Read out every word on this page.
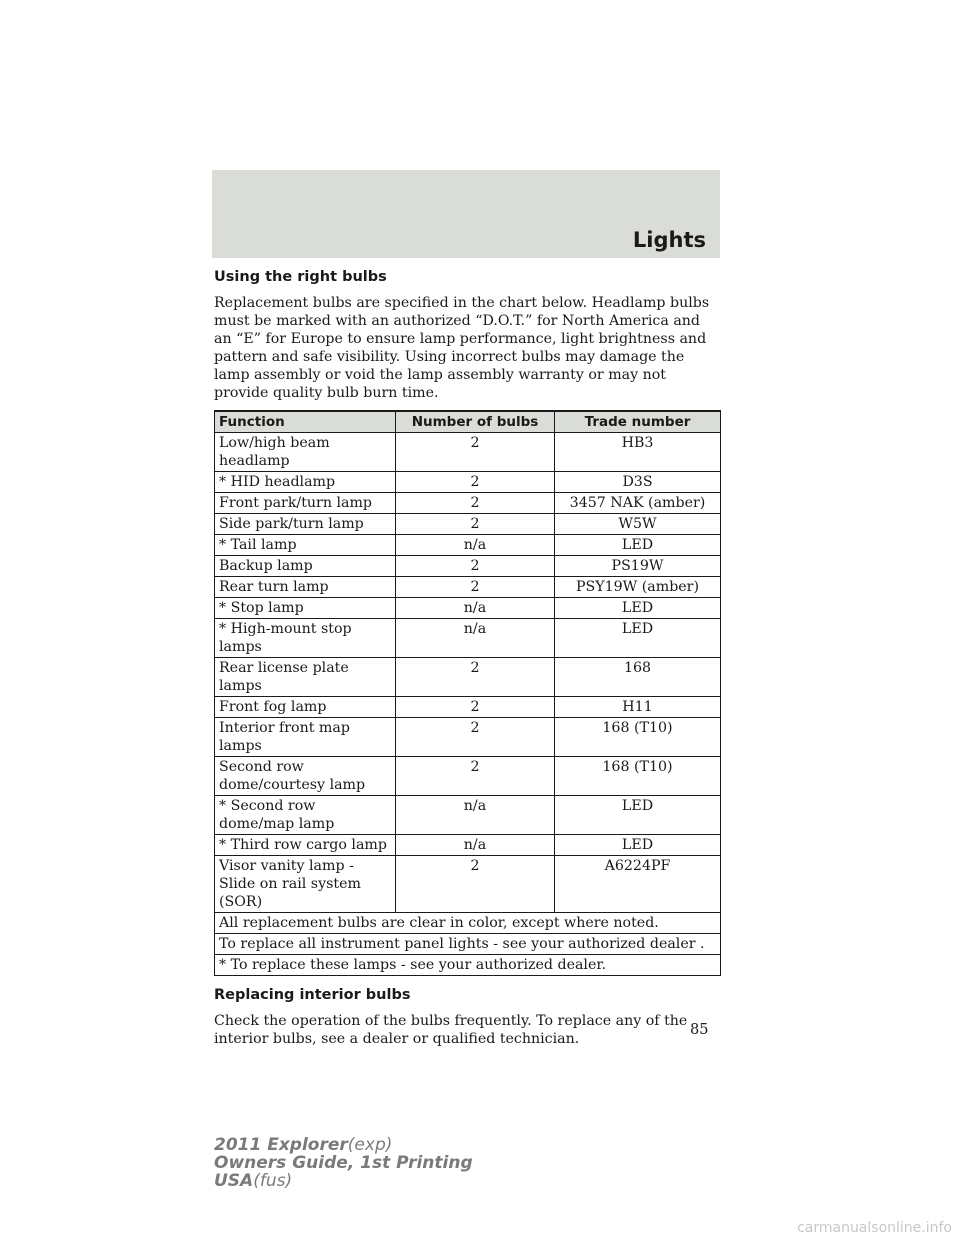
Lights
Using the right bulbs

Replacement bulbs are specified in the chart below. Headlamp bulbs must be marked with an authorized “D.O.T.” for North America and an “E” for Europe to ensure lamp performance, light brightness and pattern and safe visibility. Using incorrect bulbs may damage the lamp assembly or void the lamp assembly warranty or may not provide quality bulb burn time.

Function	Number of bulbs	Trade number
Low/high beam headlamp	2	HB3
* HID headlamp	2	D3S
Front park/turn lamp	2	3457 NAK (amber)
Side park/turn lamp	2	W5W
* Tail lamp	n/a	LED
Backup lamp	2	PS19W
Rear turn lamp	2	PSY19W (amber)
* Stop lamp	n/a	LED
* High-mount stop lamps	n/a	LED
Rear license plate lamps	2	168
Front fog lamp	2	H11
Interior front map lamps	2	168 (T10)
Second row dome/courtesy lamp	2	168 (T10)
* Second row dome/map lamp	n/a	LED
* Third row cargo lamp	n/a	LED
Visor vanity lamp - Slide on rail system (SOR)	2	A6224PF
All replacement bulbs are clear in color, except where noted.		
To replace all instrument panel lights - see your authorized dealer .		
* To replace these lamps - see your authorized dealer.		
Replacing interior bulbs

Check the operation of the bulbs frequently. To replace any of the interior bulbs, see a dealer or qualified technician.

85
2011 Explorer(exp)
Owners Guide, 1st Printing
USA(fus)
carmanualsonline.info
